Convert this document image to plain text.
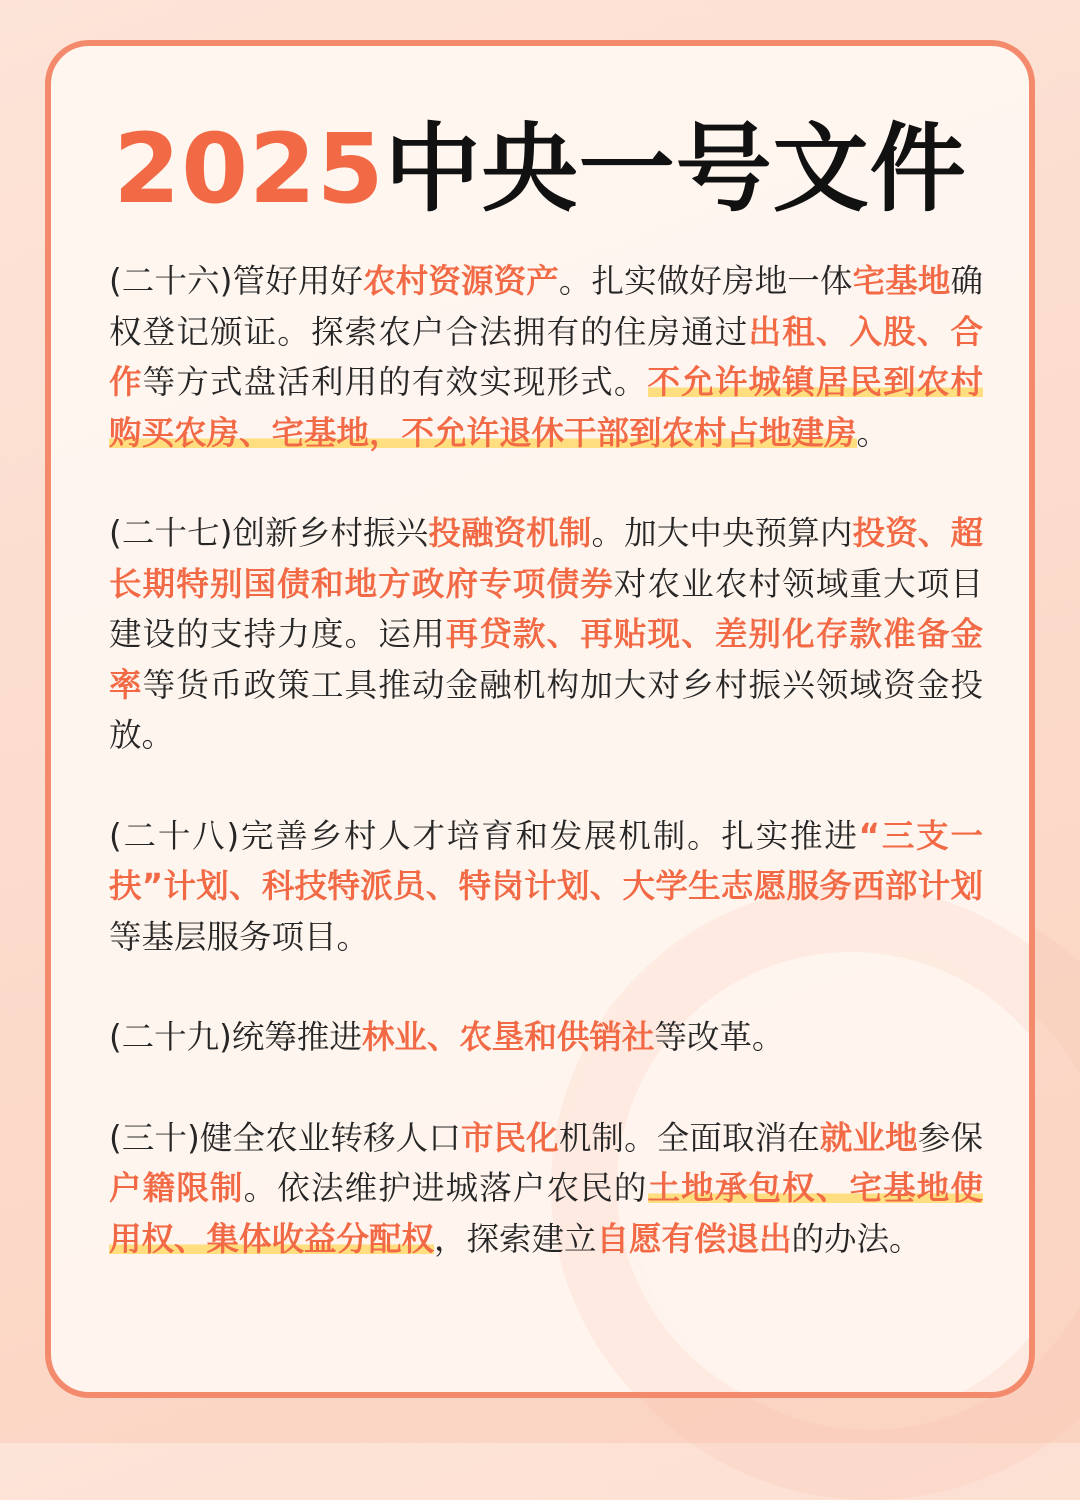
2025中央一号文件

(二十六)管好用好农村资源资产。扎实做好房地一体宅基地确权登记颁证。探索农户合法拥有的住房通过出租、入股、合作等方式盘活利用的有效实现形式。不允许城镇居民到农村购买农房、宅基地，不允许退休干部到农村占地建房。

(二十七)创新乡村振兴投融资机制。加大中央预算内投资、超长期特别国债和地方政府专项债券对农业农村领域重大项目建设的支持力度。运用再贷款、再贴现、差别化存款准备金率等货币政策工具推动金融机构加大对乡村振兴领域资金投放。

(二十八)完善乡村人才培育和发展机制。扎实推进“三支一扶”计划、科技特派员、特岗计划、大学生志愿服务西部计划等基层服务项目。

(二十九)统筹推进林业、农垦和供销社等改革。

(三十)健全农业转移人口市民化机制。全面取消在就业地参保户籍限制。依法维护进城落户农民的土地承包权、宅基地使用权、集体收益分配权，探索建立自愿有偿退出的办法。
